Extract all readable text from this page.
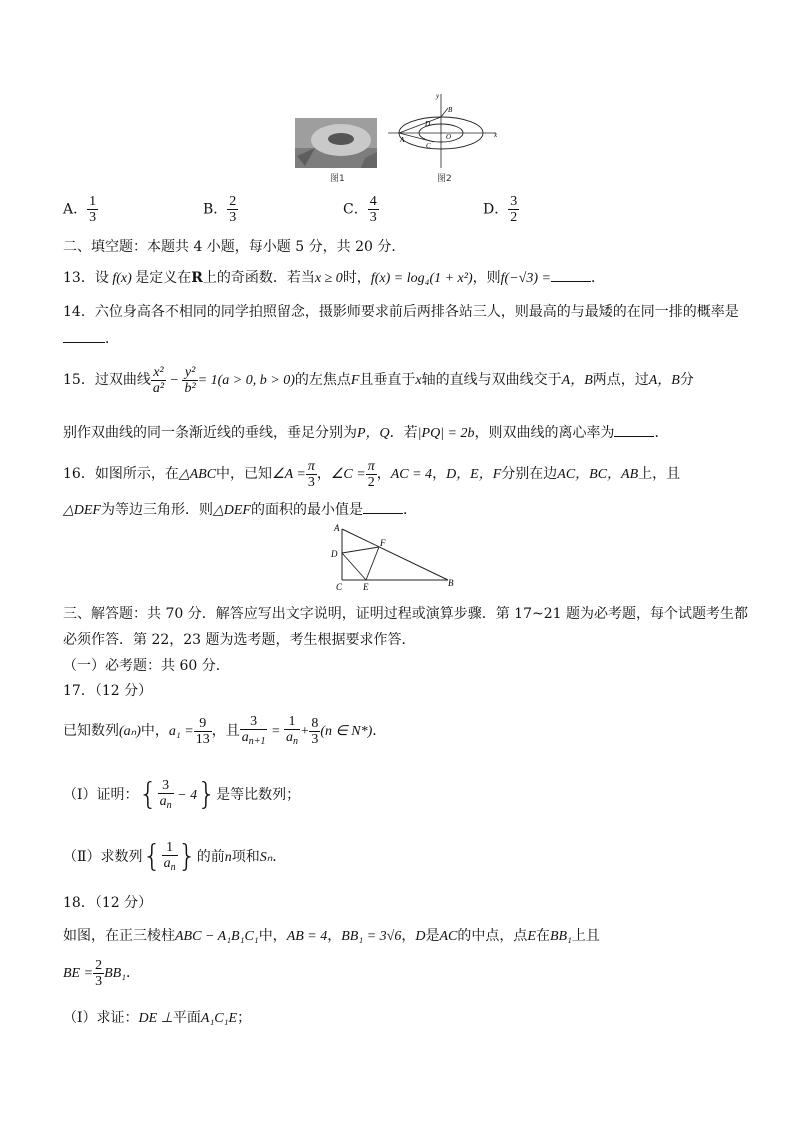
图1
y
x
B
D
O
A
C
图2
A． $\frac{1}{3}$	B． $\frac{2}{3}$	C． $\frac{4}{3}$	D． $\frac{3}{2}$
二、填空题：本题共 4 小题，每小题 5 分，共 20 分．
13．设 f(x) 是定义在R上的奇函数．若当x ≥ 0时，f(x) = log₄(1 + x²)，则f(−√3) =	．
14．六位身高各不相同的同学拍照留念，摄影师要求前后两排各站三人，则最高的与最矮的在同一排的概率是
．
15．过双曲线 $\frac{\text{x²}}{\text{a²}} - \frac{\text{y²}}{\text{b²}} = 1(a > 0$, b > 0)的左焦点F且垂直于x轴的直线与双曲线交于A，B两点，过A，B分
别作双曲线的同一条渐近线的垂线，垂足分别为P，Q．若|PQ| = 2b，则双曲线的离心率为	．
16．如图所示，在△ABC中，已知∠A = $\frac{\pi}{3}$ ，∠C = $\frac{\pi}{2}$ ，AC = 4，D，E，F分别在边AC，BC，AB上，且
△DEF为等边三角形．则△DEF的面积的最小值是	．
A
D
F
C E	B
三、解答题：共 70 分．解答应写出文字说明，证明过程或演算步骤．第 17~21 题为必考题，每个试题考生都
必须作答．第 22，23 题为选考题，考生根据要求作答．
（一）必考题：共 60 分．
17．（12 分）
已知数列(aₙ)中，$a_1 = \frac{9}{13}$ ，且 $\frac{3}{a_{n+1}} = \frac{1}{a_n} + \frac{8}{3} (n$ ∈ N*)．
（Ⅰ）证明：{ $\frac{3}{a_n} - 4$}是等比数列；
（Ⅱ）求数列{ $\frac{1}{a_n}$ }的前n项和Sₙ．
18．（12 分）
如图，在正三棱柱ABC − A₁B₁C₁中，AB = 4，BB₁ = 3√6，D是AC的中点，点E在BB₁上且
BE = $\frac{2}{3} BB_1$．
（Ⅰ）求证：DE ⊥平面A₁C₁E；
